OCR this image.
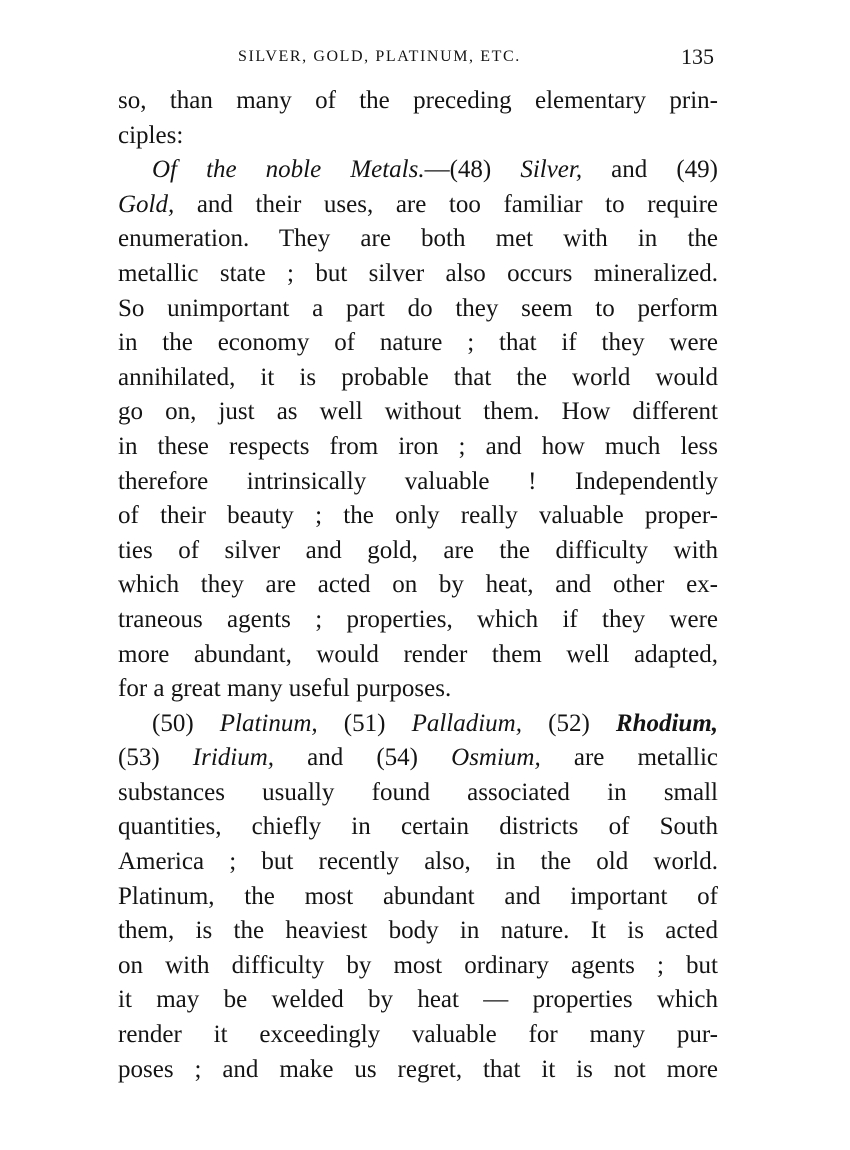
SILVER, GOLD, PLATINUM, ETC.	135
so, than many of the preceding elementary prin-
ciples:
Of the noble Metals.—(48) Silver, and (49)
Gold, and their uses, are too familiar to require
enumeration. They are both met with in the
metallic state ; but silver also occurs mineralized.
So unimportant a part do they seem to perform
in the economy of nature ; that if they were
annihilated, it is probable that the world would
go on, just as well without them. How different
in these respects from iron ; and how much less
therefore intrinsically valuable ! Independently
of their beauty ; the only really valuable proper-
ties of silver and gold, are the difficulty with
which they are acted on by heat, and other ex-
traneous agents ; properties, which if they were
more abundant, would render them well adapted,
for a great many useful purposes.
(50) Platinum, (51) Palladium, (52) Rhodium,
(53) Iridium, and (54) Osmium, are metallic
substances usually found associated in small
quantities, chiefly in certain districts of South
America ; but recently also, in the old world.
Platinum, the most abundant and important of
them, is the heaviest body in nature. It is acted
on with difficulty by most ordinary agents ; but
it may be welded by heat — properties which
render it exceedingly valuable for many pur-
poses ; and make us regret, that it is not more
